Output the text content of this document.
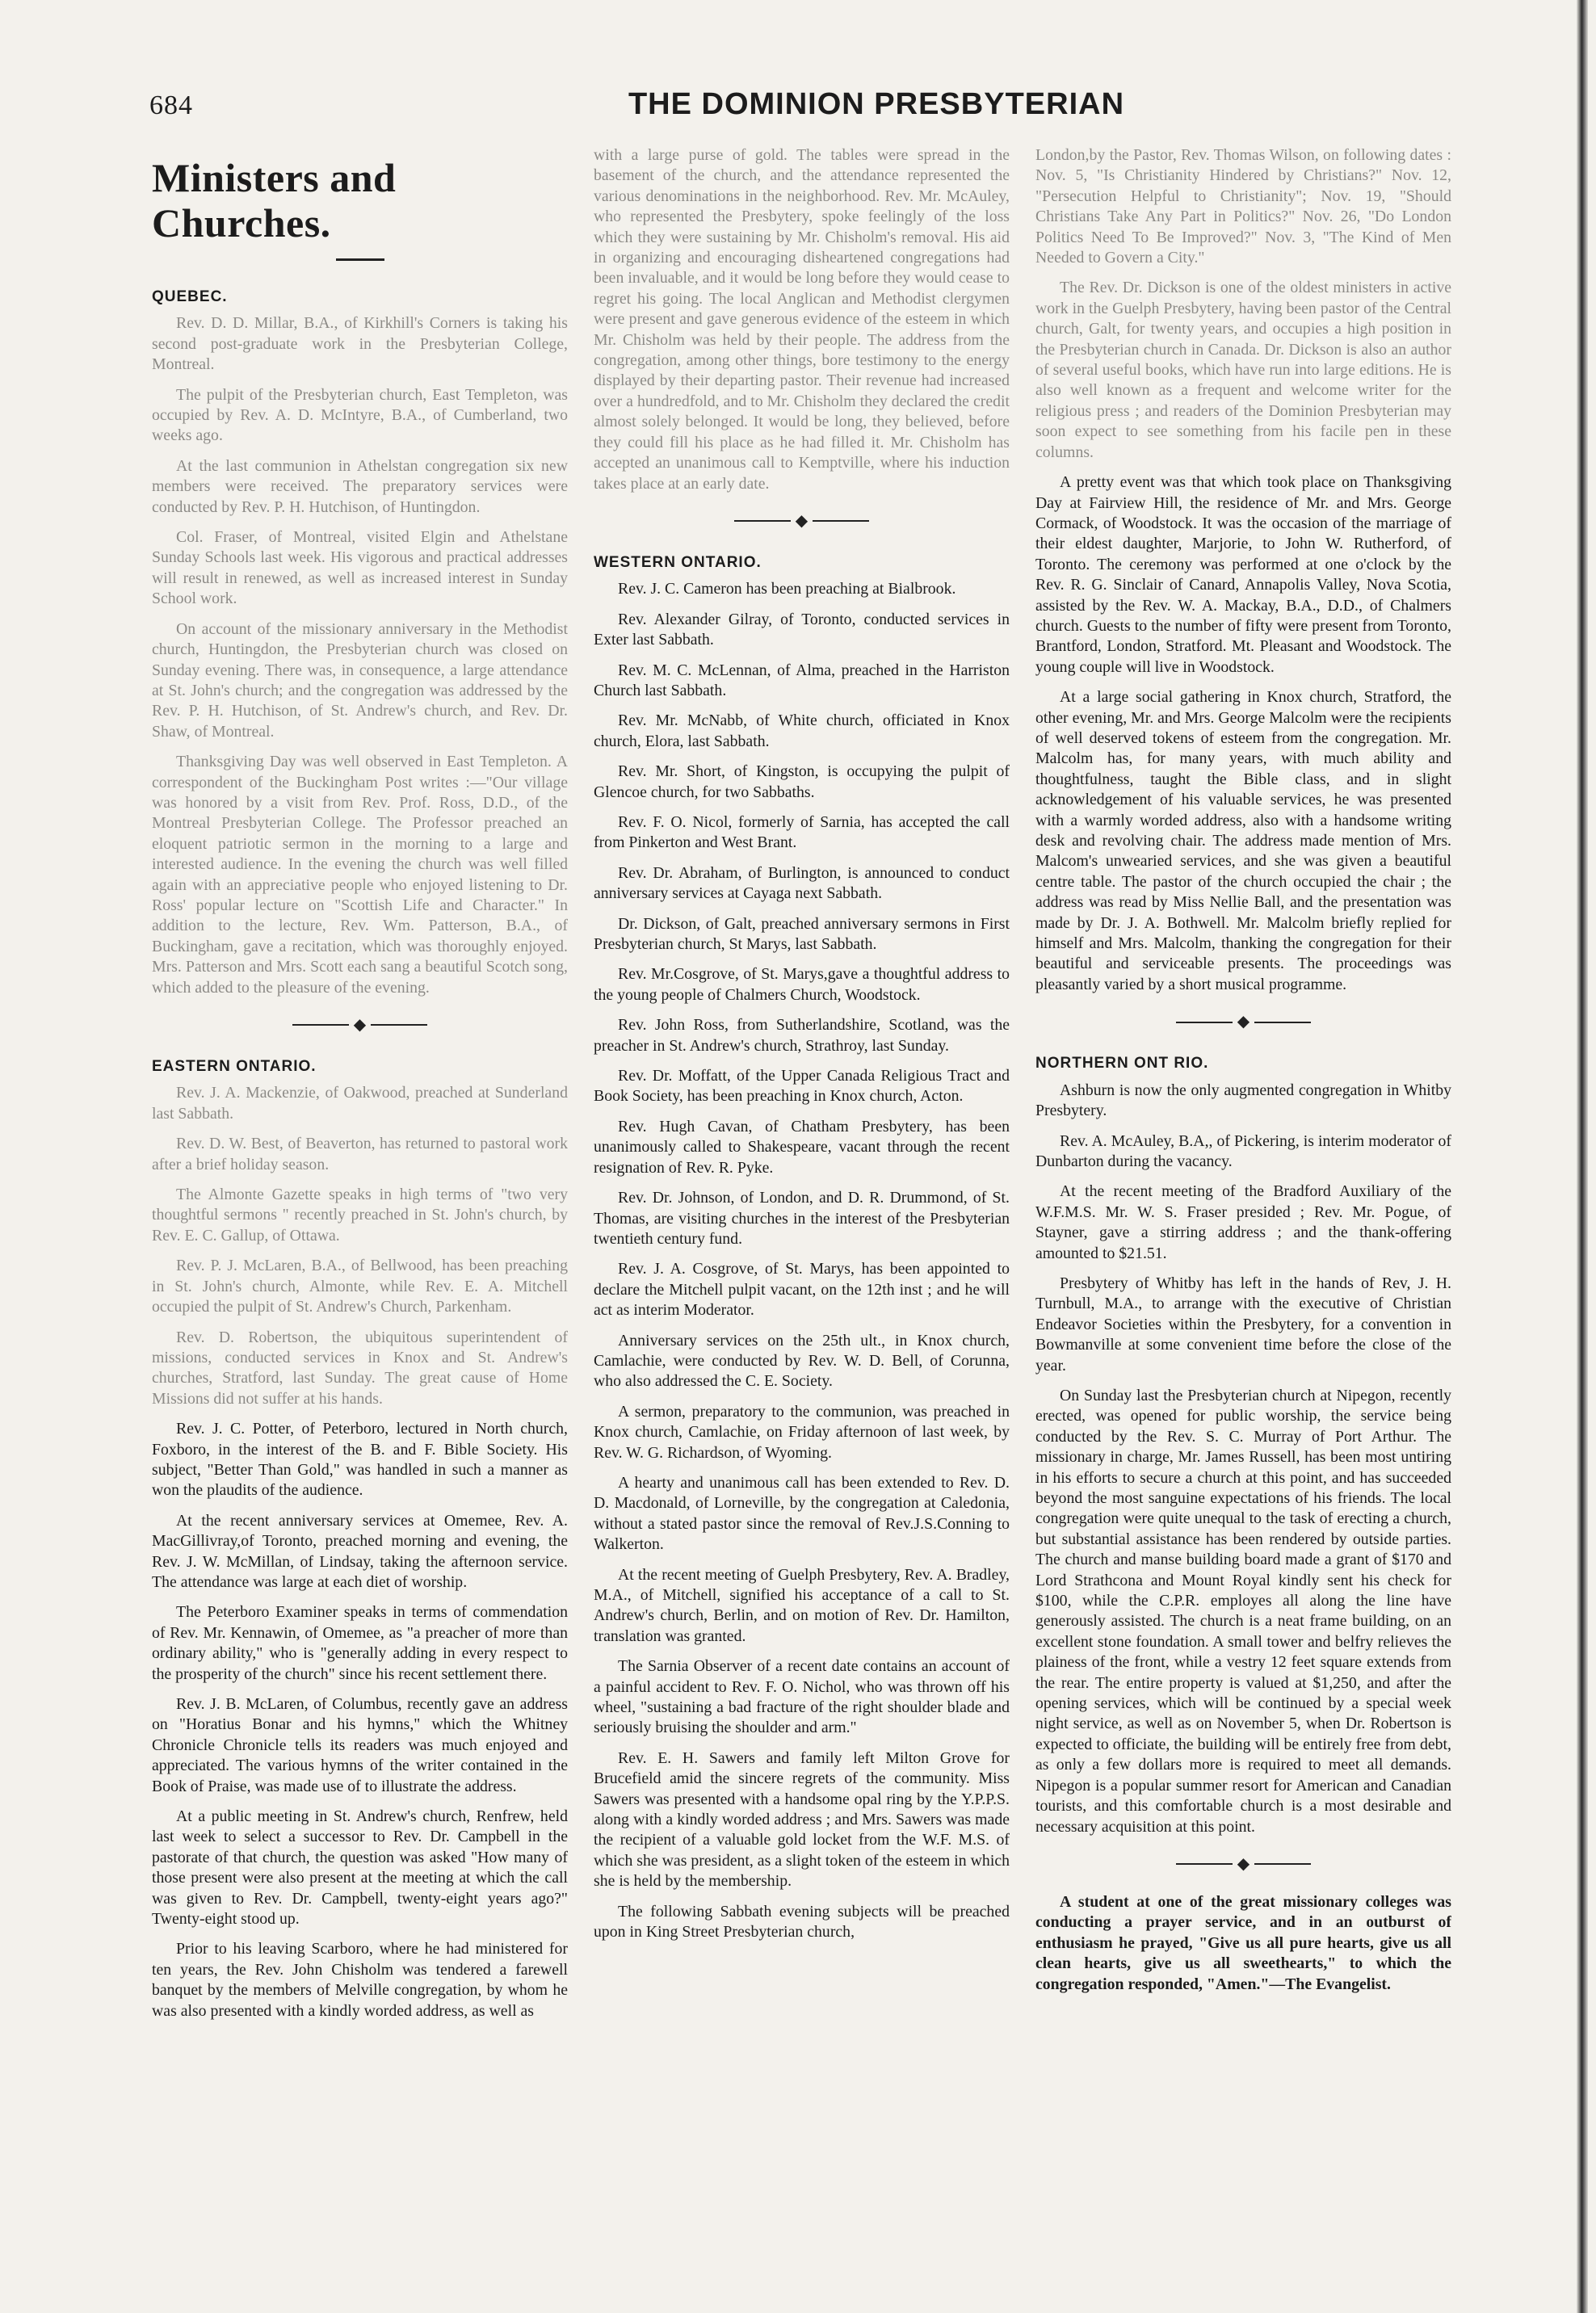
684	THE DOMINION PRESBYTERIAN
Ministers and Churches.
QUEBEC.

Rev. D. D. Millar, B.A., of Kirkhill's Corners is taking his second post-graduate work in the Presbyterian College, Montreal.

The pulpit of the Presbyterian church, East Templeton, was occupied by Rev. A. D. McIntyre, B.A., of Cumberland, two weeks ago.

At the last communion in Athelstan congregation six new members were received. The preparatory services were conducted by Rev. P. H. Hutchison, of Huntingdon.

Col. Fraser, of Montreal, visited Elgin and Athelstane Sunday Schools last week. His vigorous and practical addresses will result in renewed, as well as increased interest in Sunday School work.

On account of the missionary anniversary in the Methodist church, Huntingdon, the Presbyterian church was closed on Sunday evening. There was, in consequence, a large attendance at St. John's church; and the congregation was addressed by the Rev. P. H. Hutchison, of St. Andrew's church, and Rev. Dr. Shaw, of Montreal.

Thanksgiving Day was well observed in East Templeton. A correspondent of the Buckingham Post writes :—"Our village was honored by a visit from Rev. Prof. Ross, D.D., of the Montreal Presbyterian College. The Professor preached an eloquent patriotic sermon in the morning to a large and interested audience. In the evening the church was well filled again with an appreciative people who enjoyed listening to Dr. Ross' popular lecture on "Scottish Life and Character." In addition to the lecture, Rev. Wm. Patterson, B.A., of Buckingham, gave a recitation, which was thoroughly enjoyed. Mrs. Patterson and Mrs. Scott each sang a beautiful Scotch song, which added to the pleasure of the evening.

◆
EASTERN ONTARIO.

Rev. J. A. Mackenzie, of Oakwood, preached at Sunderland last Sabbath.

Rev. D. W. Best, of Beaverton, has returned to pastoral work after a brief holiday season.

The Almonte Gazette speaks in high terms of "two very thoughtful sermons " recently preached in St. John's church, by Rev. E. C. Gallup, of Ottawa.

Rev. P. J. McLaren, B.A., of Bellwood, has been preaching in St. John's church, Almonte, while Rev. E. A. Mitchell occupied the pulpit of St. Andrew's Church, Parkenham.

Rev. D. Robertson, the ubiquitous superintendent of missions, conducted services in Knox and St. Andrew's churches, Stratford, last Sunday. The great cause of Home Missions did not suffer at his hands.

Rev. J. C. Potter, of Peterboro, lectured in North church, Foxboro, in the interest of the B. and F. Bible Society. His subject, "Better Than Gold," was handled in such a manner as won the plaudits of the audience.

At the recent anniversary services at Omemee, Rev. A. MacGillivray,of Toronto, preached morning and evening, the Rev. J. W. McMillan, of Lindsay, taking the afternoon service. The attendance was large at each diet of worship.

The Peterboro Examiner speaks in terms of commendation of Rev. Mr. Kennawin, of Omemee, as "a preacher of more than ordinary ability," who is "generally adding in every respect to the prosperity of the church" since his recent settlement there.

Rev. J. B. McLaren, of Columbus, recently gave an address on "Horatius Bonar and his hymns," which the Whitney Chronicle Chronicle tells its readers was much enjoyed and appreciated. The various hymns of the writer contained in the Book of Praise, was made use of to illustrate the address.

At a public meeting in St. Andrew's church, Renfrew, held last week to select a successor to Rev. Dr. Campbell in the pastorate of that church, the question was asked "How many of those present were also present at the meeting at which the call was given to Rev. Dr. Campbell, twenty-eight years ago?" Twenty-eight stood up.

Prior to his leaving Scarboro, where he had ministered for ten years, the Rev. John Chisholm was tendered a farewell banquet by the members of Melville congregation, by whom he was also presented with a kindly worded address, as well as

with a large purse of gold. The tables were spread in the basement of the church, and the attendance represented the various denominations in the neighborhood. Rev. Mr. McAuley, who represented the Presbytery, spoke feelingly of the loss which they were sustaining by Mr. Chisholm's removal. His aid in organizing and encouraging disheartened congregations had been invaluable, and it would be long before they would cease to regret his going. The local Anglican and Methodist clergymen were present and gave generous evidence of the esteem in which Mr. Chisholm was held by their people. The address from the congregation, among other things, bore testimony to the energy displayed by their departing pastor. Their revenue had increased over a hundredfold, and to Mr. Chisholm they declared the credit almost solely belonged. It would be long, they believed, before they could fill his place as he had filled it. Mr. Chisholm has accepted an unanimous call to Kemptville, where his induction takes place at an early date.

◆
WESTERN ONTARIO.

Rev. J. C. Cameron has been preaching at Bialbrook.

Rev. Alexander Gilray, of Toronto, conducted services in Exter last Sabbath.

Rev. M. C. McLennan, of Alma, preached in the Harriston Church last Sabbath.

Rev. Mr. McNabb, of White church, officiated in Knox church, Elora, last Sabbath.

Rev. Mr. Short, of Kingston, is occupying the pulpit of Glencoe church, for two Sabbaths.

Rev. F. O. Nicol, formerly of Sarnia, has accepted the call from Pinkerton and West Brant.

Rev. Dr. Abraham, of Burlington, is announced to conduct anniversary services at Cayaga next Sabbath.

Dr. Dickson, of Galt, preached anniversary sermons in First Presbyterian church, St Marys, last Sabbath.

Rev. Mr.Cosgrove, of St. Marys,gave a thoughtful address to the young people of Chalmers Church, Woodstock.

Rev. John Ross, from Sutherlandshire, Scotland, was the preacher in St. Andrew's church, Strathroy, last Sunday.

Rev. Dr. Moffatt, of the Upper Canada Religious Tract and Book Society, has been preaching in Knox church, Acton.

Rev. Hugh Cavan, of Chatham Presbytery, has been unanimously called to Shakespeare, vacant through the recent resignation of Rev. R. Pyke.

Rev. Dr. Johnson, of London, and D. R. Drummond, of St. Thomas, are visiting churches in the interest of the Presbyterian twentieth century fund.

Rev. J. A. Cosgrove, of St. Marys, has been appointed to declare the Mitchell pulpit vacant, on the 12th inst ; and he will act as interim Moderator.

Anniversary services on the 25th ult., in Knox church, Camlachie, were conducted by Rev. W. D. Bell, of Corunna, who also addressed the C. E. Society.

A sermon, preparatory to the communion, was preached in Knox church, Camlachie, on Friday afternoon of last week, by Rev. W. G. Richardson, of Wyoming.

A hearty and unanimous call has been extended to Rev. D. D. Macdonald, of Lorneville, by the congregation at Caledonia, without a stated pastor since the removal of Rev.J.S.Conning to Walkerton.

At the recent meeting of Guelph Presbytery, Rev. A. Bradley, M.A., of Mitchell, signified his acceptance of a call to St. Andrew's church, Berlin, and on motion of Rev. Dr. Hamilton, translation was granted.

The Sarnia Observer of a recent date contains an account of a painful accident to Rev. F. O. Nichol, who was thrown off his wheel, "sustaining a bad fracture of the right shoulder blade and seriously bruising the shoulder and arm."

Rev. E. H. Sawers and family left Milton Grove for Brucefield amid the sincere regrets of the community. Miss Sawers was presented with a handsome opal ring by the Y.P.P.S. along with a kindly worded address ; and Mrs. Sawers was made the recipient of a valuable gold locket from the W.F. M.S. of which she was president, as a slight token of the esteem in which she is held by the membership.

The following Sabbath evening subjects will be preached upon in King Street Presbyterian church,

London,by the Pastor, Rev. Thomas Wilson, on following dates : Nov. 5, "Is Christianity Hindered by Christians?" Nov. 12, "Persecution Helpful to Christianity"; Nov. 19, "Should Christians Take Any Part in Politics?" Nov. 26, "Do London Politics Need To Be Improved?" Nov. 3, "The Kind of Men Needed to Govern a City."

The Rev. Dr. Dickson is one of the oldest ministers in active work in the Guelph Presbytery, having been pastor of the Central church, Galt, for twenty years, and occupies a high position in the Presbyterian church in Canada. Dr. Dickson is also an author of several useful books, which have run into large editions. He is also well known as a frequent and welcome writer for the religious press ; and readers of the Dominion Presbyterian may soon expect to see something from his facile pen in these columns.

A pretty event was that which took place on Thanksgiving Day at Fairview Hill, the residence of Mr. and Mrs. George Cormack, of Woodstock. It was the occasion of the marriage of their eldest daughter, Marjorie, to John W. Rutherford, of Toronto. The ceremony was performed at one o'clock by the Rev. R. G. Sinclair of Canard, Annapolis Valley, Nova Scotia, assisted by the Rev. W. A. Mackay, B.A., D.D., of Chalmers church. Guests to the number of fifty were present from Toronto, Brantford, London, Stratford. Mt. Pleasant and Woodstock. The young couple will live in Woodstock.

At a large social gathering in Knox church, Stratford, the other evening, Mr. and Mrs. George Malcolm were the recipients of well deserved tokens of esteem from the congregation. Mr. Malcolm has, for many years, with much ability and thoughtfulness, taught the Bible class, and in slight acknowledgement of his valuable services, he was presented with a warmly worded address, also with a handsome writing desk and revolving chair. The address made mention of Mrs. Malcom's unwearied services, and she was given a beautiful centre table. The pastor of the church occupied the chair ; the address was read by Miss Nellie Ball, and the presentation was made by Dr. J. A. Bothwell. Mr. Malcolm briefly replied for himself and Mrs. Malcolm, thanking the congregation for their beautiful and serviceable presents. The proceedings was pleasantly varied by a short musical programme.

◆
NORTHERN ONT RIO.

Ashburn is now the only augmented congregation in Whitby Presbytery.

Rev. A. McAuley, B.A,, of Pickering, is interim moderator of Dunbarton during the vacancy.

At the recent meeting of the Bradford Auxiliary of the W.F.M.S. Mr. W. S. Fraser presided ; Rev. Mr. Pogue, of Stayner, gave a stirring address ; and the thank-offering amounted to $21.51.

Presbytery of Whitby has left in the hands of Rev, J. H. Turnbull, M.A., to arrange with the executive of Christian Endeavor Societies within the Presbytery, for a convention in Bowmanville at some convenient time before the close of the year.

On Sunday last the Presbyterian church at Nipegon, recently erected, was opened for public worship, the service being conducted by the Rev. S. C. Murray of Port Arthur. The missionary in charge, Mr. James Russell, has been most untiring in his efforts to secure a church at this point, and has succeeded beyond the most sanguine expectations of his friends. The local congregation were quite unequal to the task of erecting a church, but substantial assistance has been rendered by outside parties. The church and manse building board made a grant of $170 and Lord Strathcona and Mount Royal kindly sent his check for $100, while the C.P.R. employes all along the line have generously assisted. The church is a neat frame building, on an excellent stone foundation. A small tower and belfry relieves the plainess of the front, while a vestry 12 feet square extends from the rear. The entire property is valued at $1,250, and after the opening services, which will be continued by a special week night service, as well as on November 5, when Dr. Robertson is expected to officiate, the building will be entirely free from debt, as only a few dollars more is required to meet all demands. Nipegon is a popular summer resort for American and Canadian tourists, and this comfortable church is a most desirable and necessary acquisition at this point.

◆

A student at one of the great missionary colleges was conducting a prayer service, and in an outburst of enthusiasm he prayed, "Give us all pure hearts, give us all clean hearts, give us all sweethearts," to which the congregation responded, "Amen."—The Evangelist.
